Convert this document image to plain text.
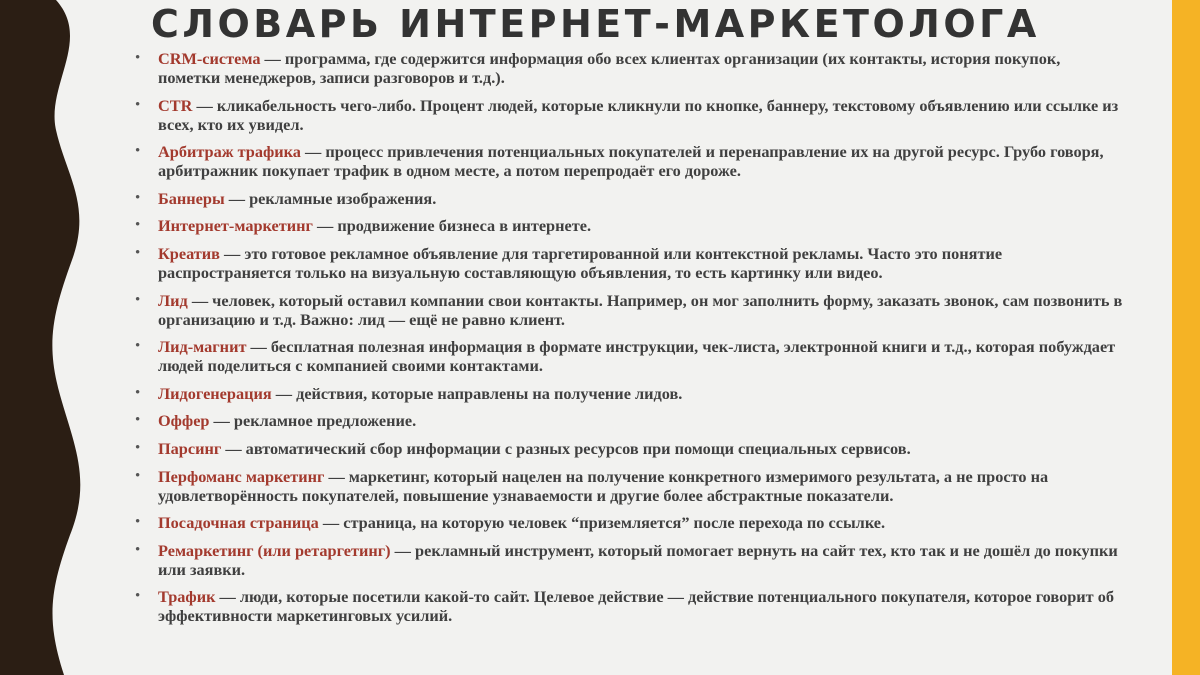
СЛОВАРЬ ИНТЕРНЕТ-МАРКЕТОЛОГА
• CRM-система — программа, где содержится информация обо всех клиентах организации (их контакты, история покупок, пометки менеджеров, записи разговоров и т.д.).
• CTR — кликабельность чего-либо. Процент людей, которые кликнули по кнопке, баннеру, текстовому объявлению или ссылке из всех, кто их увидел.
• Арбитраж трафика — процесс привлечения потенциальных покупателей и перенаправление их на другой ресурс. Грубо говоря, арбитражник покупает трафик в одном месте, а потом перепродаёт его дороже.
• Баннеры — рекламные изображения.
• Интернет-маркетинг — продвижение бизнеса в интернете.
• Креатив — это готовое рекламное объявление для таргетированной или контекстной рекламы. Часто это понятие распространяется только на визуальную составляющую объявления, то есть картинку или видео.
• Лид — человек, который оставил компании свои контакты. Например, он мог заполнить форму, заказать звонок, сам позвонить в организацию и т.д. Важно: лид — ещё не равно клиент.
• Лид-магнит — бесплатная полезная информация в формате инструкции, чек-листа, электронной книги и т.д., которая побуждает людей поделиться с компанией своими контактами.
• Лидогенерация — действия, которые направлены на получение лидов.
• Оффер — рекламное предложение.
• Парсинг — автоматический сбор информации с разных ресурсов при помощи специальных сервисов.
• Перфоманс маркетинг — маркетинг, который нацелен на получение конкретного измеримого результата, а не просто на удовлетворённость покупателей, повышение узнаваемости и другие более абстрактные показатели.
• Посадочная страница — страница, на которую человек “приземляется” после перехода по ссылке.
• Ремаркетинг (или ретаргетинг) — рекламный инструмент, который помогает вернуть на сайт тех, кто так и не дошёл до покупки или заявки.
• Трафик — люди, которые посетили какой-то сайт. Целевое действие — действие потенциального покупателя, которое говорит об эффективности маркетинговых усилий.
